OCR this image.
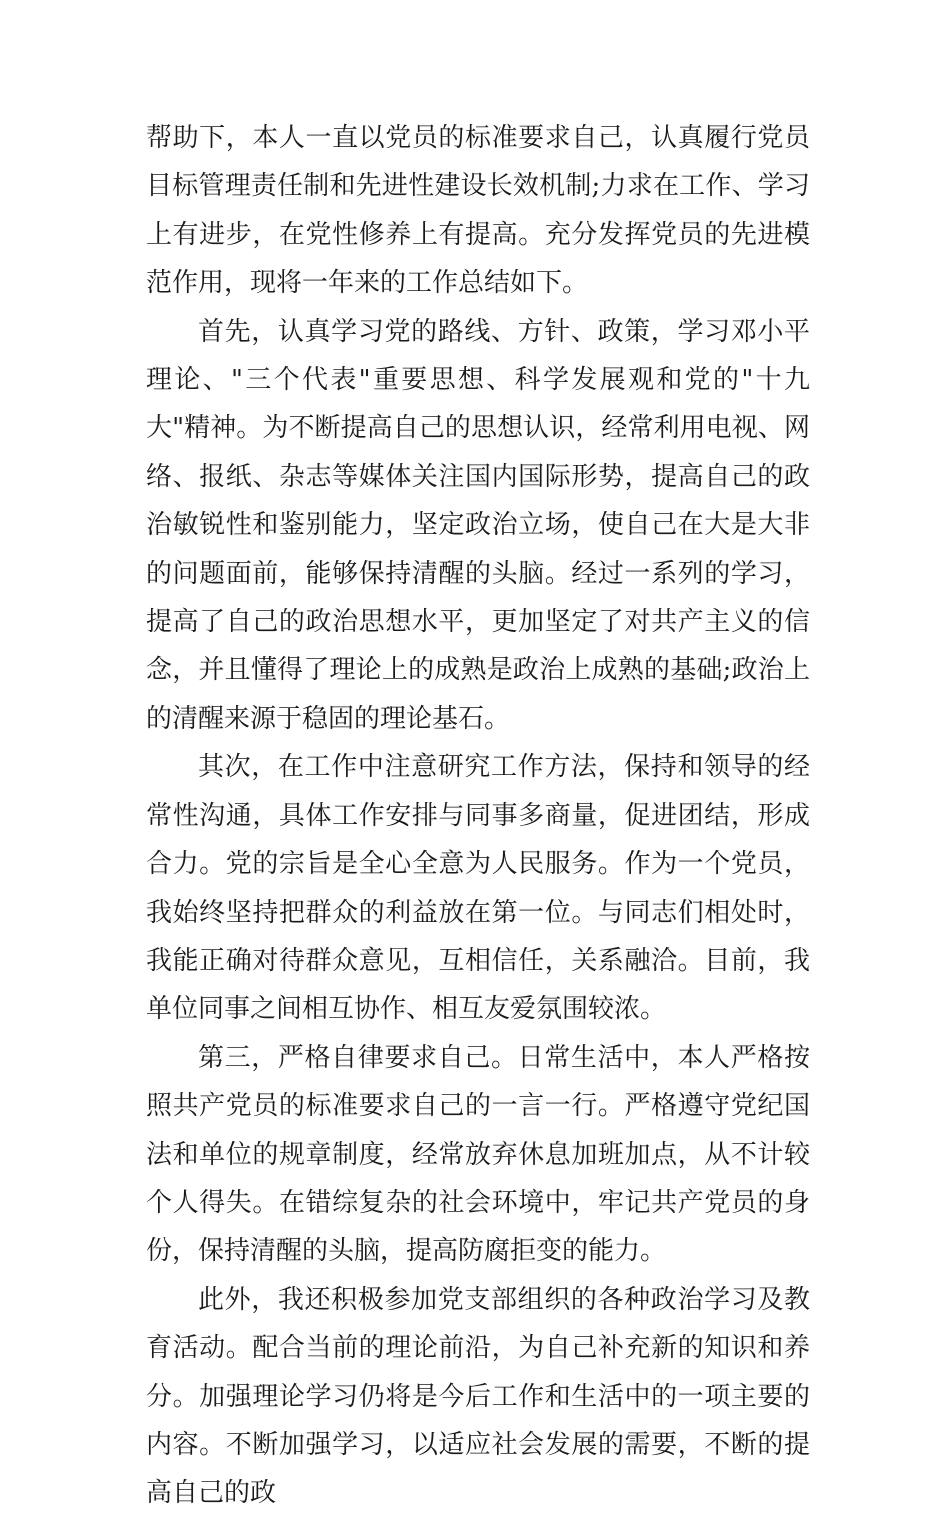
帮助下，本人一直以党员的标准要求自己，认真履行党员目标管理责任制和先进性建设长效机制;力求在工作、学习上有进步，在党性修养上有提高。充分发挥党员的先进模范作用，现将一年来的工作总结如下。

首先，认真学习党的路线、方针、政策，学习邓小平理论、"三个代表"重要思想、科学发展观和党的"十九大"精神。为不断提高自己的思想认识，经常利用电视、网络、报纸、杂志等媒体关注国内国际形势，提高自己的政治敏锐性和鉴别能力，坚定政治立场，使自己在大是大非的问题面前，能够保持清醒的头脑。经过一系列的学习，提高了自己的政治思想水平，更加坚定了对共产主义的信念，并且懂得了理论上的成熟是政治上成熟的基础;政治上的清醒来源于稳固的理论基石。

其次，在工作中注意研究工作方法，保持和领导的经常性沟通，具体工作安排与同事多商量，促进团结，形成合力。党的宗旨是全心全意为人民服务。作为一个党员，我始终坚持把群众的利益放在第一位。与同志们相处时，我能正确对待群众意见，互相信任，关系融洽。目前，我单位同事之间相互协作、相互友爱氛围较浓。

第三，严格自律要求自己。日常生活中，本人严格按照共产党员的标准要求自己的一言一行。严格遵守党纪国法和单位的规章制度，经常放弃休息加班加点，从不计较个人得失。在错综复杂的社会环境中，牢记共产党员的身份，保持清醒的头脑，提高防腐拒变的能力。

此外，我还积极参加党支部组织的各种政治学习及教育活动。配合当前的理论前沿，为自己补充新的知识和养分。加强理论学习仍将是今后工作和生活中的一项主要的内容。不断加强学习，以适应社会发展的需要，不断的提高自己的政
